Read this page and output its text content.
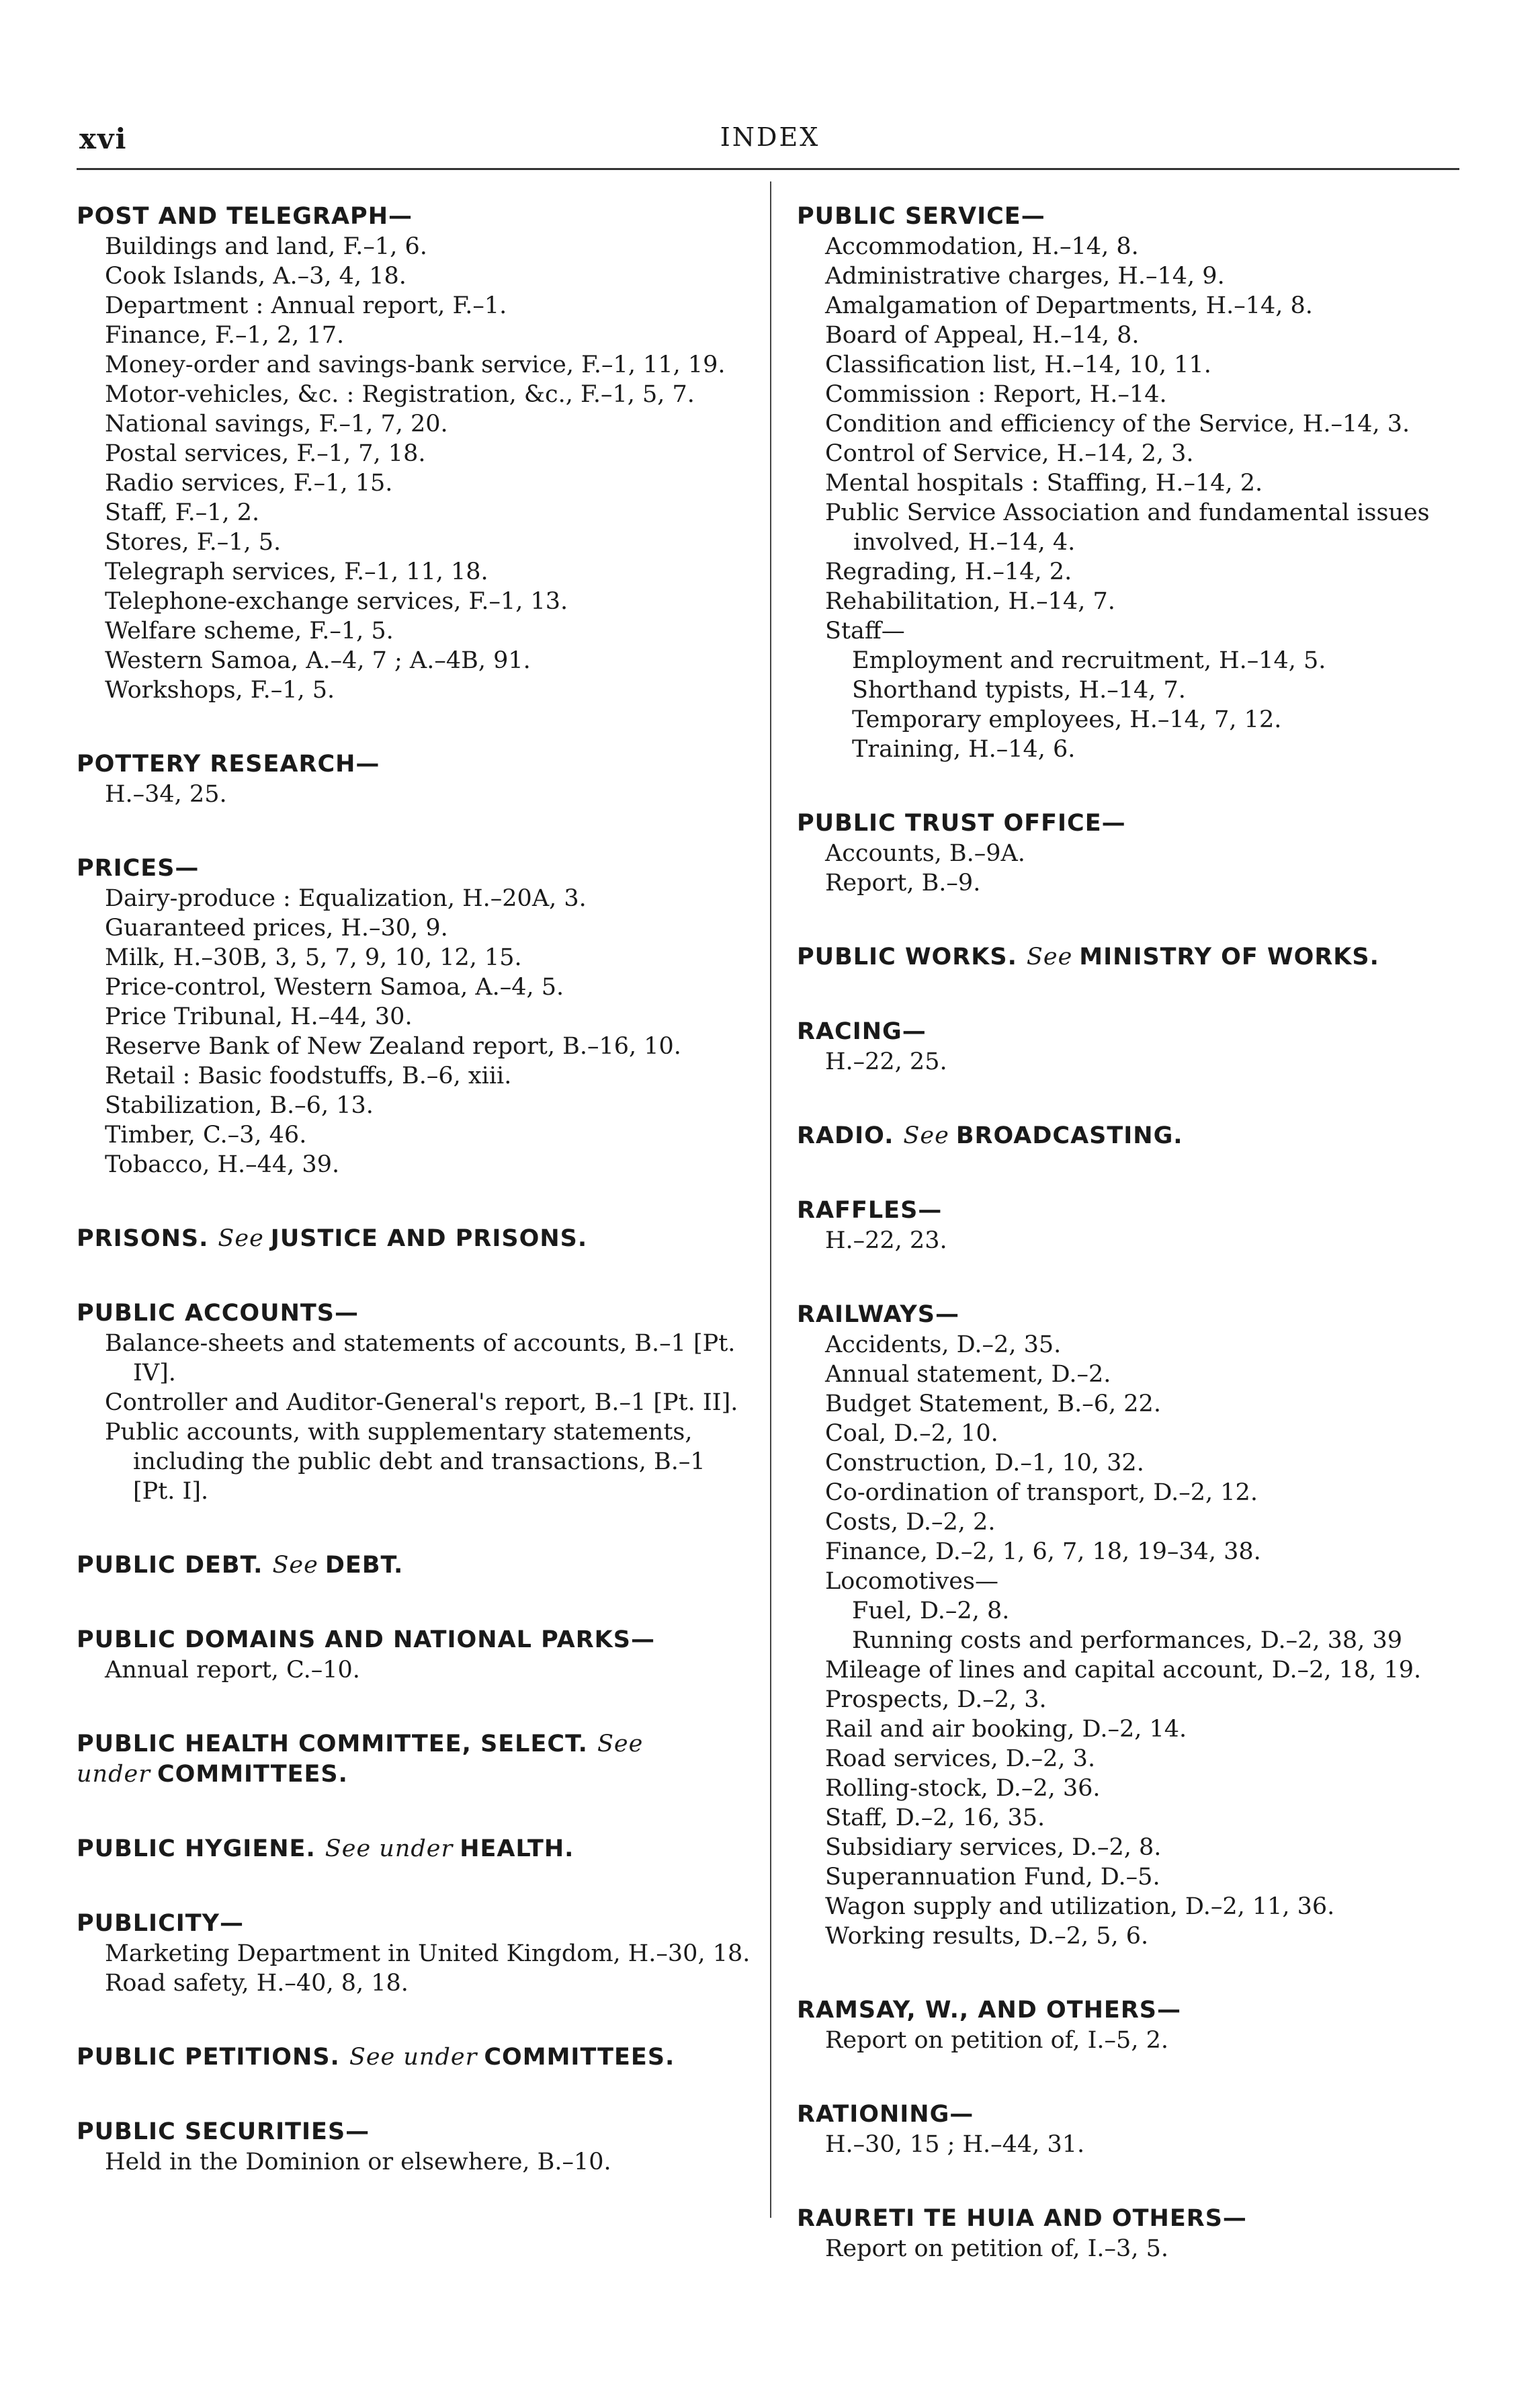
xvi	INDEX
POST AND TELEGRAPH—
Buildings and land, F.–1, 6.
Cook Islands, A.–3, 4, 18.
Department : Annual report, F.–1.
Finance, F.–1, 2, 17.
Money-order and savings-bank service, F.–1, 11, 19.
Motor-vehicles, &c. : Registration, &c., F.–1, 5, 7.
National savings, F.–1, 7, 20.
Postal services, F.–1, 7, 18.
Radio services, F.–1, 15.
Staff, F.–1, 2.
Stores, F.–1, 5.
Telegraph services, F.–1, 11, 18.
Telephone-exchange services, F.–1, 13.
Welfare scheme, F.–1, 5.
Western Samoa, A.–4, 7 ; A.–4B, 91.
Workshops, F.–1, 5.
POTTERY RESEARCH—
H.–34, 25.
PRICES—
Dairy-produce : Equalization, H.–20A, 3.
Guaranteed prices, H.–30, 9.
Milk, H.–30B, 3, 5, 7, 9, 10, 12, 15.
Price-control, Western Samoa, A.–4, 5.
Price Tribunal, H.–44, 30.
Reserve Bank of New Zealand report, B.–16, 10.
Retail : Basic foodstuffs, B.–6, xiii.
Stabilization, B.–6, 13.
Timber, C.–3, 46.
Tobacco, H.–44, 39.
PRISONS. See JUSTICE AND PRISONS.
PUBLIC ACCOUNTS—
Balance-sheets and statements of accounts, B.–1 [Pt. IV].
Controller and Auditor-General's report, B.–1 [Pt. II].
Public accounts, with supplementary statements, including the public debt and transactions, B.–1 [Pt. I].
PUBLIC DEBT. See DEBT.
PUBLIC DOMAINS AND NATIONAL PARKS—
Annual report, C.–10.
PUBLIC HEALTH COMMITTEE, SELECT. See under COMMITTEES.
PUBLIC HYGIENE. See under HEALTH.
PUBLICITY—
Marketing Department in United Kingdom, H.–30, 18.
Road safety, H.–40, 8, 18.
PUBLIC PETITIONS. See under COMMITTEES.
PUBLIC SECURITIES—
Held in the Dominion or elsewhere, B.–10.
PUBLIC SERVICE—
Accommodation, H.–14, 8.
Administrative charges, H.–14, 9.
Amalgamation of Departments, H.–14, 8.
Board of Appeal, H.–14, 8.
Classification list, H.–14, 10, 11.
Commission : Report, H.–14.
Condition and efficiency of the Service, H.–14, 3.
Control of Service, H.–14, 2, 3.
Mental hospitals : Staffing, H.–14, 2.
Public Service Association and fundamental issues involved, H.–14, 4.
Regrading, H.–14, 2.
Rehabilitation, H.–14, 7.
Staff—
Employment and recruitment, H.–14, 5.
Shorthand typists, H.–14, 7.
Temporary employees, H.–14, 7, 12.
Training, H.–14, 6.
PUBLIC TRUST OFFICE—
Accounts, B.–9A.
Report, B.–9.
PUBLIC WORKS. See MINISTRY OF WORKS.
RACING—
H.–22, 25.
RADIO. See BROADCASTING.
RAFFLES—
H.–22, 23.
RAILWAYS—
Accidents, D.–2, 35.
Annual statement, D.–2.
Budget Statement, B.–6, 22.
Coal, D.–2, 10.
Construction, D.–1, 10, 32.
Co-ordination of transport, D.–2, 12.
Costs, D.–2, 2.
Finance, D.–2, 1, 6, 7, 18, 19–34, 38.
Locomotives—
Fuel, D.–2, 8.
Running costs and performances, D.–2, 38, 39
Mileage of lines and capital account, D.–2, 18, 19.
Prospects, D.–2, 3.
Rail and air booking, D.–2, 14.
Road services, D.–2, 3.
Rolling-stock, D.–2, 36.
Staff, D.–2, 16, 35.
Subsidiary services, D.–2, 8.
Superannuation Fund, D.–5.
Wagon supply and utilization, D.–2, 11, 36.
Working results, D.–2, 5, 6.
RAMSAY, W., AND OTHERS—
Report on petition of, I.–5, 2.
RATIONING—
H.–30, 15 ; H.–44, 31.
RAURETI TE HUIA AND OTHERS—
Report on petition of, I.–3, 5.
